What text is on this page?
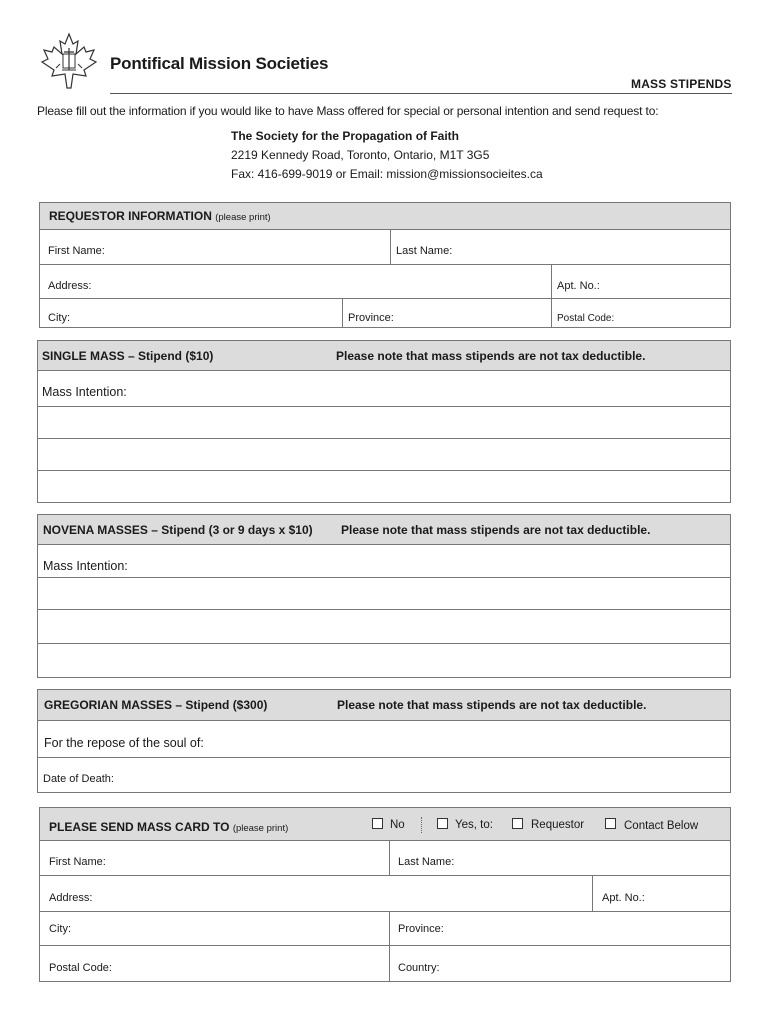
Pontifical Mission Societies
MASS STIPENDS
Please fill out the information if you would like to have Mass offered for special or personal intention and send request to:
The Society for the Propagation of Faith
2219 Kennedy Road, Toronto, Ontario, M1T 3G5
Fax: 416-699-9019 or Email: mission@missionsocieites.ca
REQUESTOR INFORMATION (please print)
First Name:	Last Name:
Address:	Apt. No.:
City:	Province:	Postal Code:
SINGLE MASS – Stipend ($10)	Please note that mass stipends are not tax deductible.
Mass Intention:
NOVENA MASSES – Stipend (3 or 9 days x $10) Please note that mass stipends are not tax deductible.
Mass Intention:
GREGORIAN MASSES – Stipend ($300)	Please note that mass stipends are not tax deductible.
For the repose of the soul of:
Date of Death:
PLEASE SEND MASS CARD TO (please print)	No	Yes, to:	Requestor	Contact Below
First Name:	Last Name:
Address:	Apt. No.:
City:	Province:
Postal Code:	Country:
